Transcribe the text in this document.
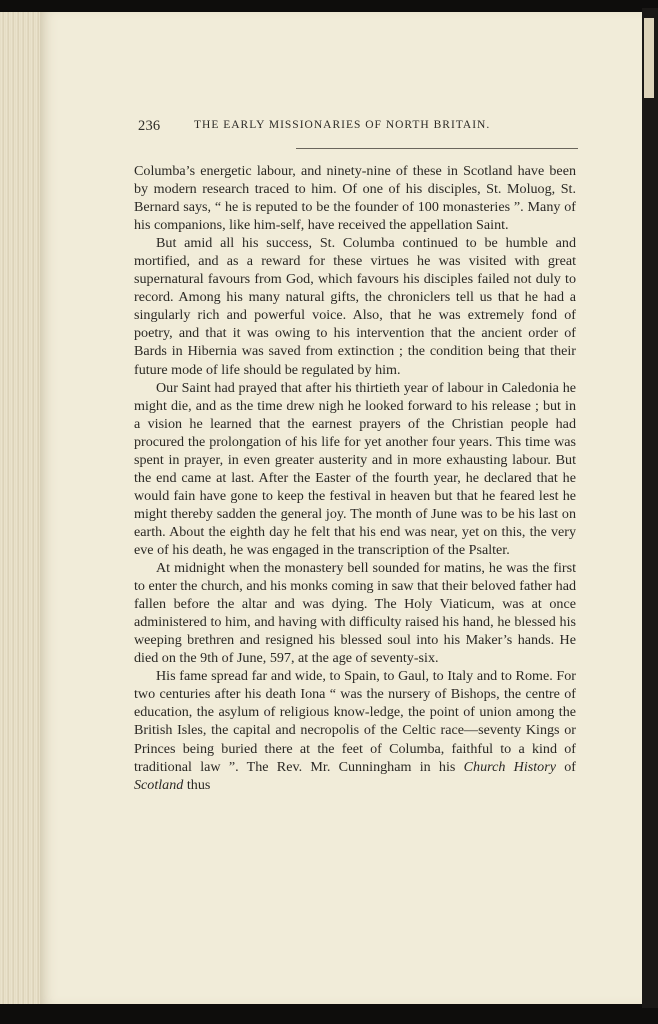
236	THE EARLY MISSIONARIES OF NORTH BRITAIN.

Columba’s energetic labour, and ninety-nine of these in Scotland have been by modern research traced to him. Of one of his disciples, St. Moluog, St. Bernard says, “ he is reputed to be the founder of 100 monasteries ”. Many of his companions, like him-self, have received the appellation Saint.

But amid all his success, St. Columba continued to be humble and mortified, and as a reward for these virtues he was visited with great supernatural favours from God, which favours his disciples failed not duly to record. Among his many natural gifts, the chroniclers tell us that he had a singularly rich and powerful voice. Also, that he was extremely fond of poetry, and that it was owing to his intervention that the ancient order of Bards in Hibernia was saved from extinction ; the condition being that their future mode of life should be regulated by him.

Our Saint had prayed that after his thirtieth year of labour in Caledonia he might die, and as the time drew nigh he looked forward to his release ; but in a vision he learned that the earnest prayers of the Christian people had procured the prolongation of his life for yet another four years. This time was spent in prayer, in even greater austerity and in more exhausting labour. But the end came at last. After the Easter of the fourth year, he declared that he would fain have gone to keep the festival in heaven but that he feared lest he might thereby sadden the general joy. The month of June was to be his last on earth. About the eighth day he felt that his end was near, yet on this, the very eve of his death, he was engaged in the transcription of the Psalter.

At midnight when the monastery bell sounded for matins, he was the first to enter the church, and his monks coming in saw that their beloved father had fallen before the altar and was dying. The Holy Viaticum, was at once administered to him, and having with difficulty raised his hand, he blessed his weeping brethren and resigned his blessed soul into his Maker’s hands. He died on the 9th of June, 597, at the age of seventy-six.

His fame spread far and wide, to Spain, to Gaul, to Italy and to Rome. For two centuries after his death Iona “ was the nursery of Bishops, the centre of education, the asylum of religious know-ledge, the point of union among the British Isles, the capital and necropolis of the Celtic race—seventy Kings or Princes being buried there at the feet of Columba, faithful to a kind of traditional law ”. The Rev. Mr. Cunningham in his Church History of Scotland thus
